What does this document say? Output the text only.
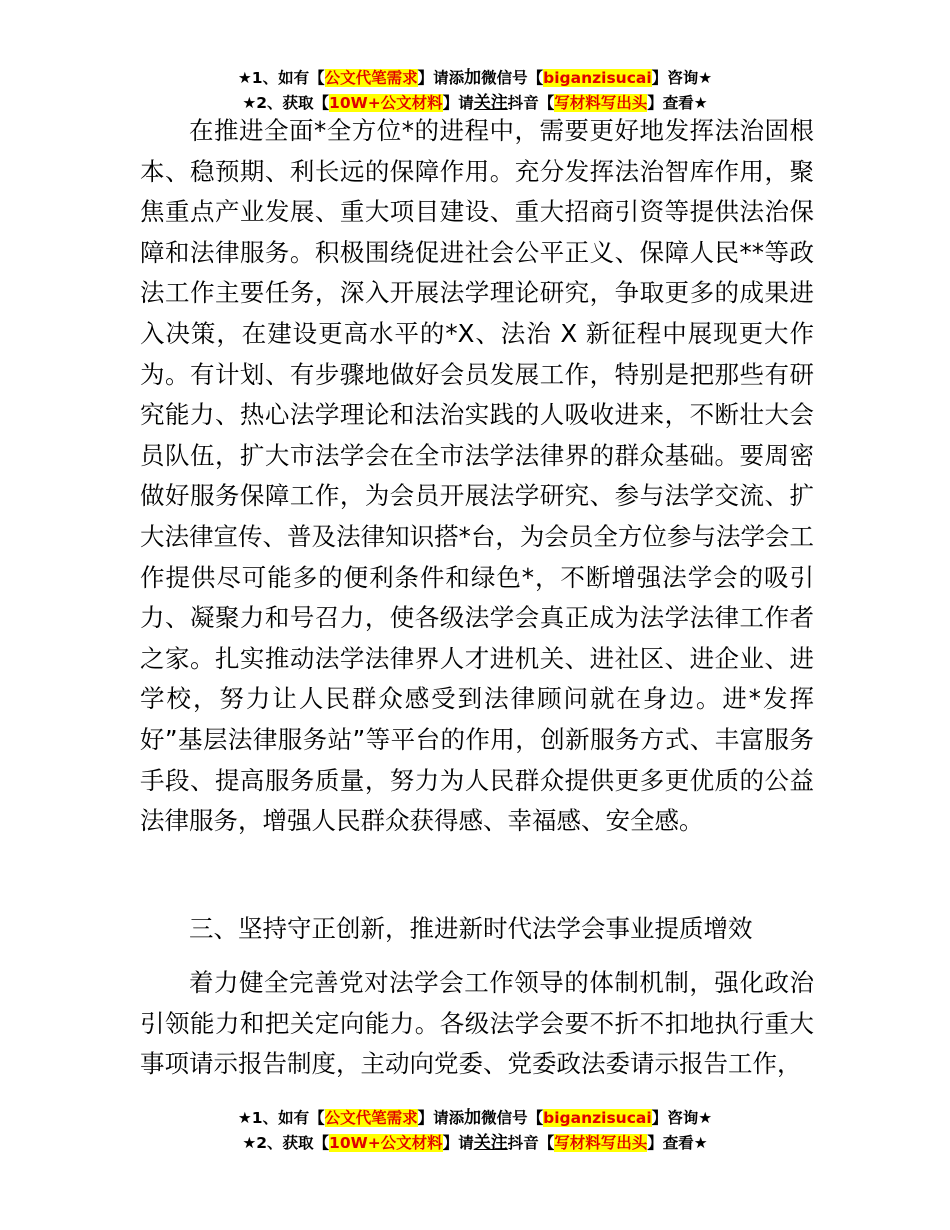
★1、如有【公文代笔需求】请添加微信号【biganzisucai】咨询★
★2、获取【10W+公文材料】请关注抖音【写材料写出头】查看★

在推进全面*全方位*的进程中，需要更好地发挥法治固根本、稳预期、利长远的保障作用。充分发挥法治智库作用，聚焦重点产业发展、重大项目建设、重大招商引资等提供法治保障和法律服务。积极围绕促进社会公平正义、保障人民**等政法工作主要任务，深入开展法学理论研究，争取更多的成果进入决策，在建设更高水平的*X、法治 X 新征程中展现更大作为。有计划、有步骤地做好会员发展工作，特别是把那些有研究能力、热心法学理论和法治实践的人吸收进来，不断壮大会员队伍，扩大市法学会在全市法学法律界的群众基础。要周密做好服务保障工作，为会员开展法学研究、参与法学交流、扩大法律宣传、普及法律知识搭*台，为会员全方位参与法学会工作提供尽可能多的便利条件和绿色*，不断增强法学会的吸引力、凝聚力和号召力，使各级法学会真正成为法学法律工作者之家。扎实推动法学法律界人才进机关、进社区、进企业、进学校，努力让人民群众感受到法律顾问就在身边。进*发挥好”基层法律服务站”等平台的作用，创新服务方式、丰富服务手段、提高服务质量，努力为人民群众提供更多更优质的公益法律服务，增强人民群众获得感、幸福感、安全感。

三、坚持守正创新，推进新时代法学会事业提质增效

着力健全完善党对法学会工作领导的体制机制，强化政治引领能力和把关定向能力。各级法学会要不折不扣地执行重大事项请示报告制度，主动向党委、党委政法委请示报告工作，

★1、如有【公文代笔需求】请添加微信号【biganzisucai】咨询★
★2、获取【10W+公文材料】请关注抖音【写材料写出头】查看★
